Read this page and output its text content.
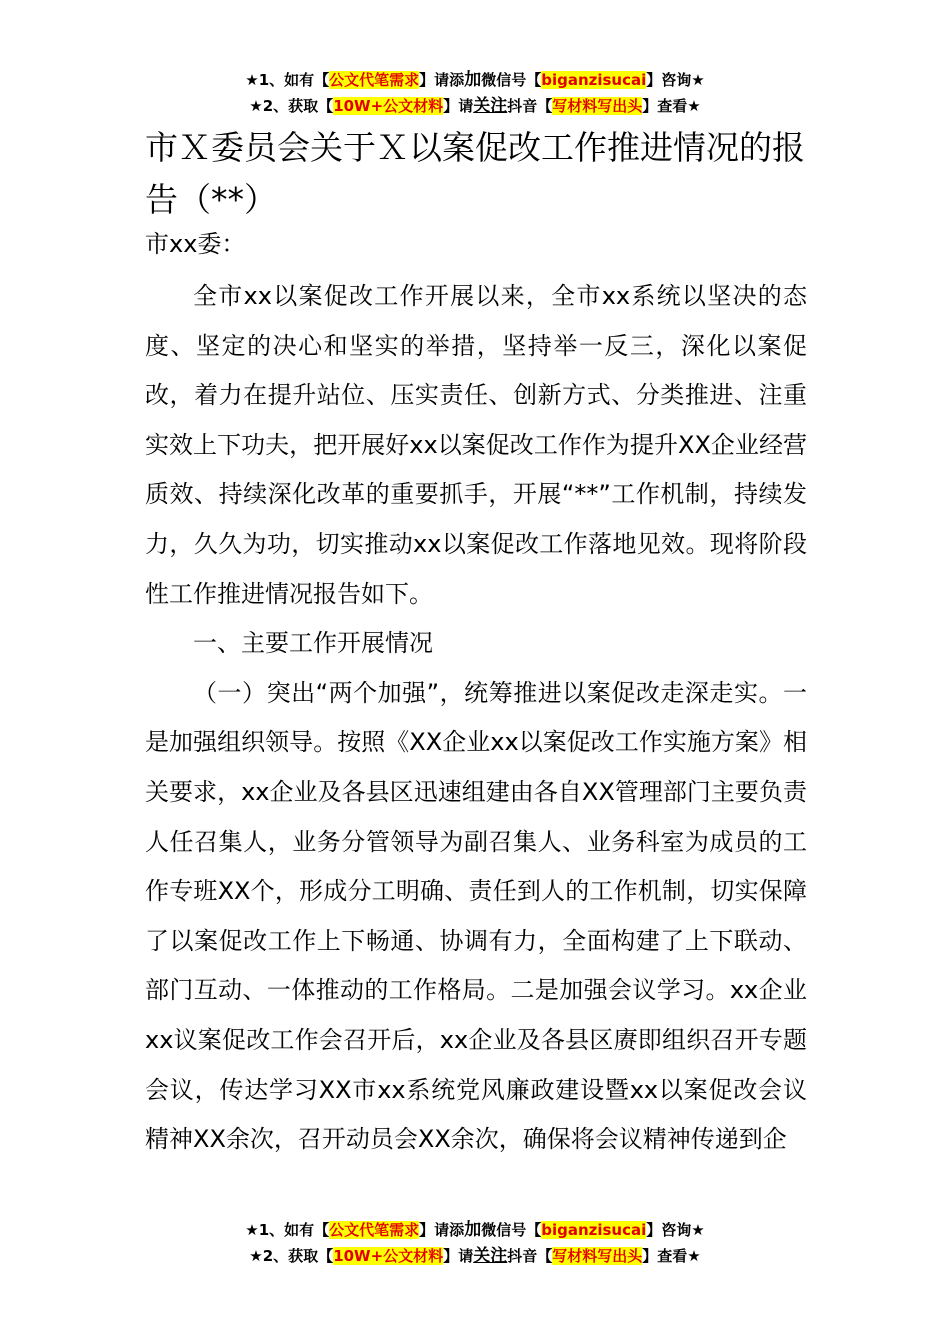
★1、如有【公文代笔需求】请添加微信号【biganzisucai】咨询★
★2、获取【10W+公文材料】请关注抖音【写材料写出头】查看★
市Ｘ委员会关于Ｘ以案促改工作推进情况的报告（**）
市xx委：

全市xx以案促改工作开展以来，全市xx系统以坚决的态度、坚定的决心和坚实的举措，坚持举一反三，深化以案促改，着力在提升站位、压实责任、创新方式、分类推进、注重实效上下功夫，把开展好xx以案促改工作作为提升XX企业经营质效、持续深化改革的重要抓手，开展“**”工作机制，持续发力，久久为功，切实推动xx以案促改工作落地见效。现将阶段性工作推进情况报告如下。

一、主要工作开展情况

（一）突出“两个加强”，统筹推进以案促改走深走实。一是加强组织领导。按照《XX企业xx以案促改工作实施方案》相关要求，xx企业及各县区迅速组建由各自XX管理部门主要负责人任召集人，业务分管领导为副召集人、业务科室为成员的工作专班XX个，形成分工明确、责任到人的工作机制，切实保障了以案促改工作上下畅通、协调有力，全面构建了上下联动、部门互动、一体推动的工作格局。二是加强会议学习。xx企业xx议案促改工作会召开后，xx企业及各县区赓即组织召开专题会议，传达学习XX市xx系统党风廉政建设暨xx以案促改会议精神XX余次，召开动员会XX余次，确保将会议精神传递到企

★1、如有【公文代笔需求】请添加微信号【biganzisucai】咨询★
★2、获取【10W+公文材料】请关注抖音【写材料写出头】查看★
